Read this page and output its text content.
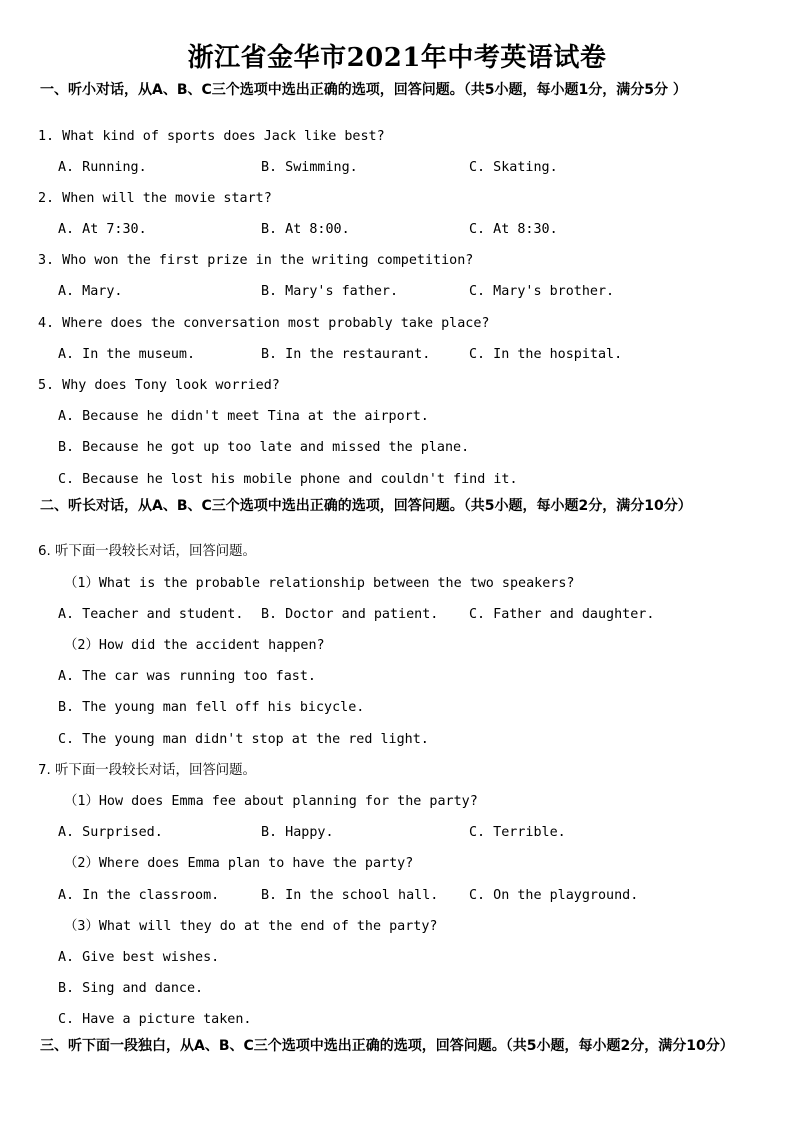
浙江省金华市2021年中考英语试卷
一、听小对话，从A、B、C三个选项中选出正确的选项，回答问题。（共5小题，每小题1分，满分5分 ）
1. What kind of sports does Jack like best?
A. Running.	B. Swimming.	C. Skating.
2. When will the movie start?
A. At 7:30.	B. At 8:00.	C. At 8:30.
3. Who won the first prize in the writing competition?
A. Mary.	B. Mary's father.	C. Mary's brother.
4. Where does the conversation most probably take place?
A. In the museum.	B. In the restaurant.	C. In the hospital.
5. Why does Tony look worried?
A. Because he didn't meet Tina at the airport.
B. Because he got up too late and missed the plane.
C. Because he lost his mobile phone and couldn't find it.
二、听长对话，从A、B、C三个选项中选出正确的选项，回答问题。（共5小题，每小题2分，满分10分）
6. 听下面一段较长对话，回答问题。
（1）What is the probable relationship between the two speakers?
A. Teacher and student. B. Doctor and patient. C. Father and daughter.
（2）How did the accident happen?
A. The car was running too fast.
B. The young man fell off his bicycle.
C. The young man didn't stop at the red light.
7. 听下面一段较长对话，回答问题。
（1）How does Emma fee about planning for the party?
A. Surprised.	B. Happy.	C. Terrible.
（2）Where does Emma plan to have the party?
A. In the classroom.	B. In the school hall. C. On the playground.
（3）What will they do at the end of the party?
A. Give best wishes.
B. Sing and dance.
C. Have a picture taken.
三、听下面一段独白，从A、B、C三个选项中选出正确的选项，回答问题。（共5小题，每小题2分，满分10分）
